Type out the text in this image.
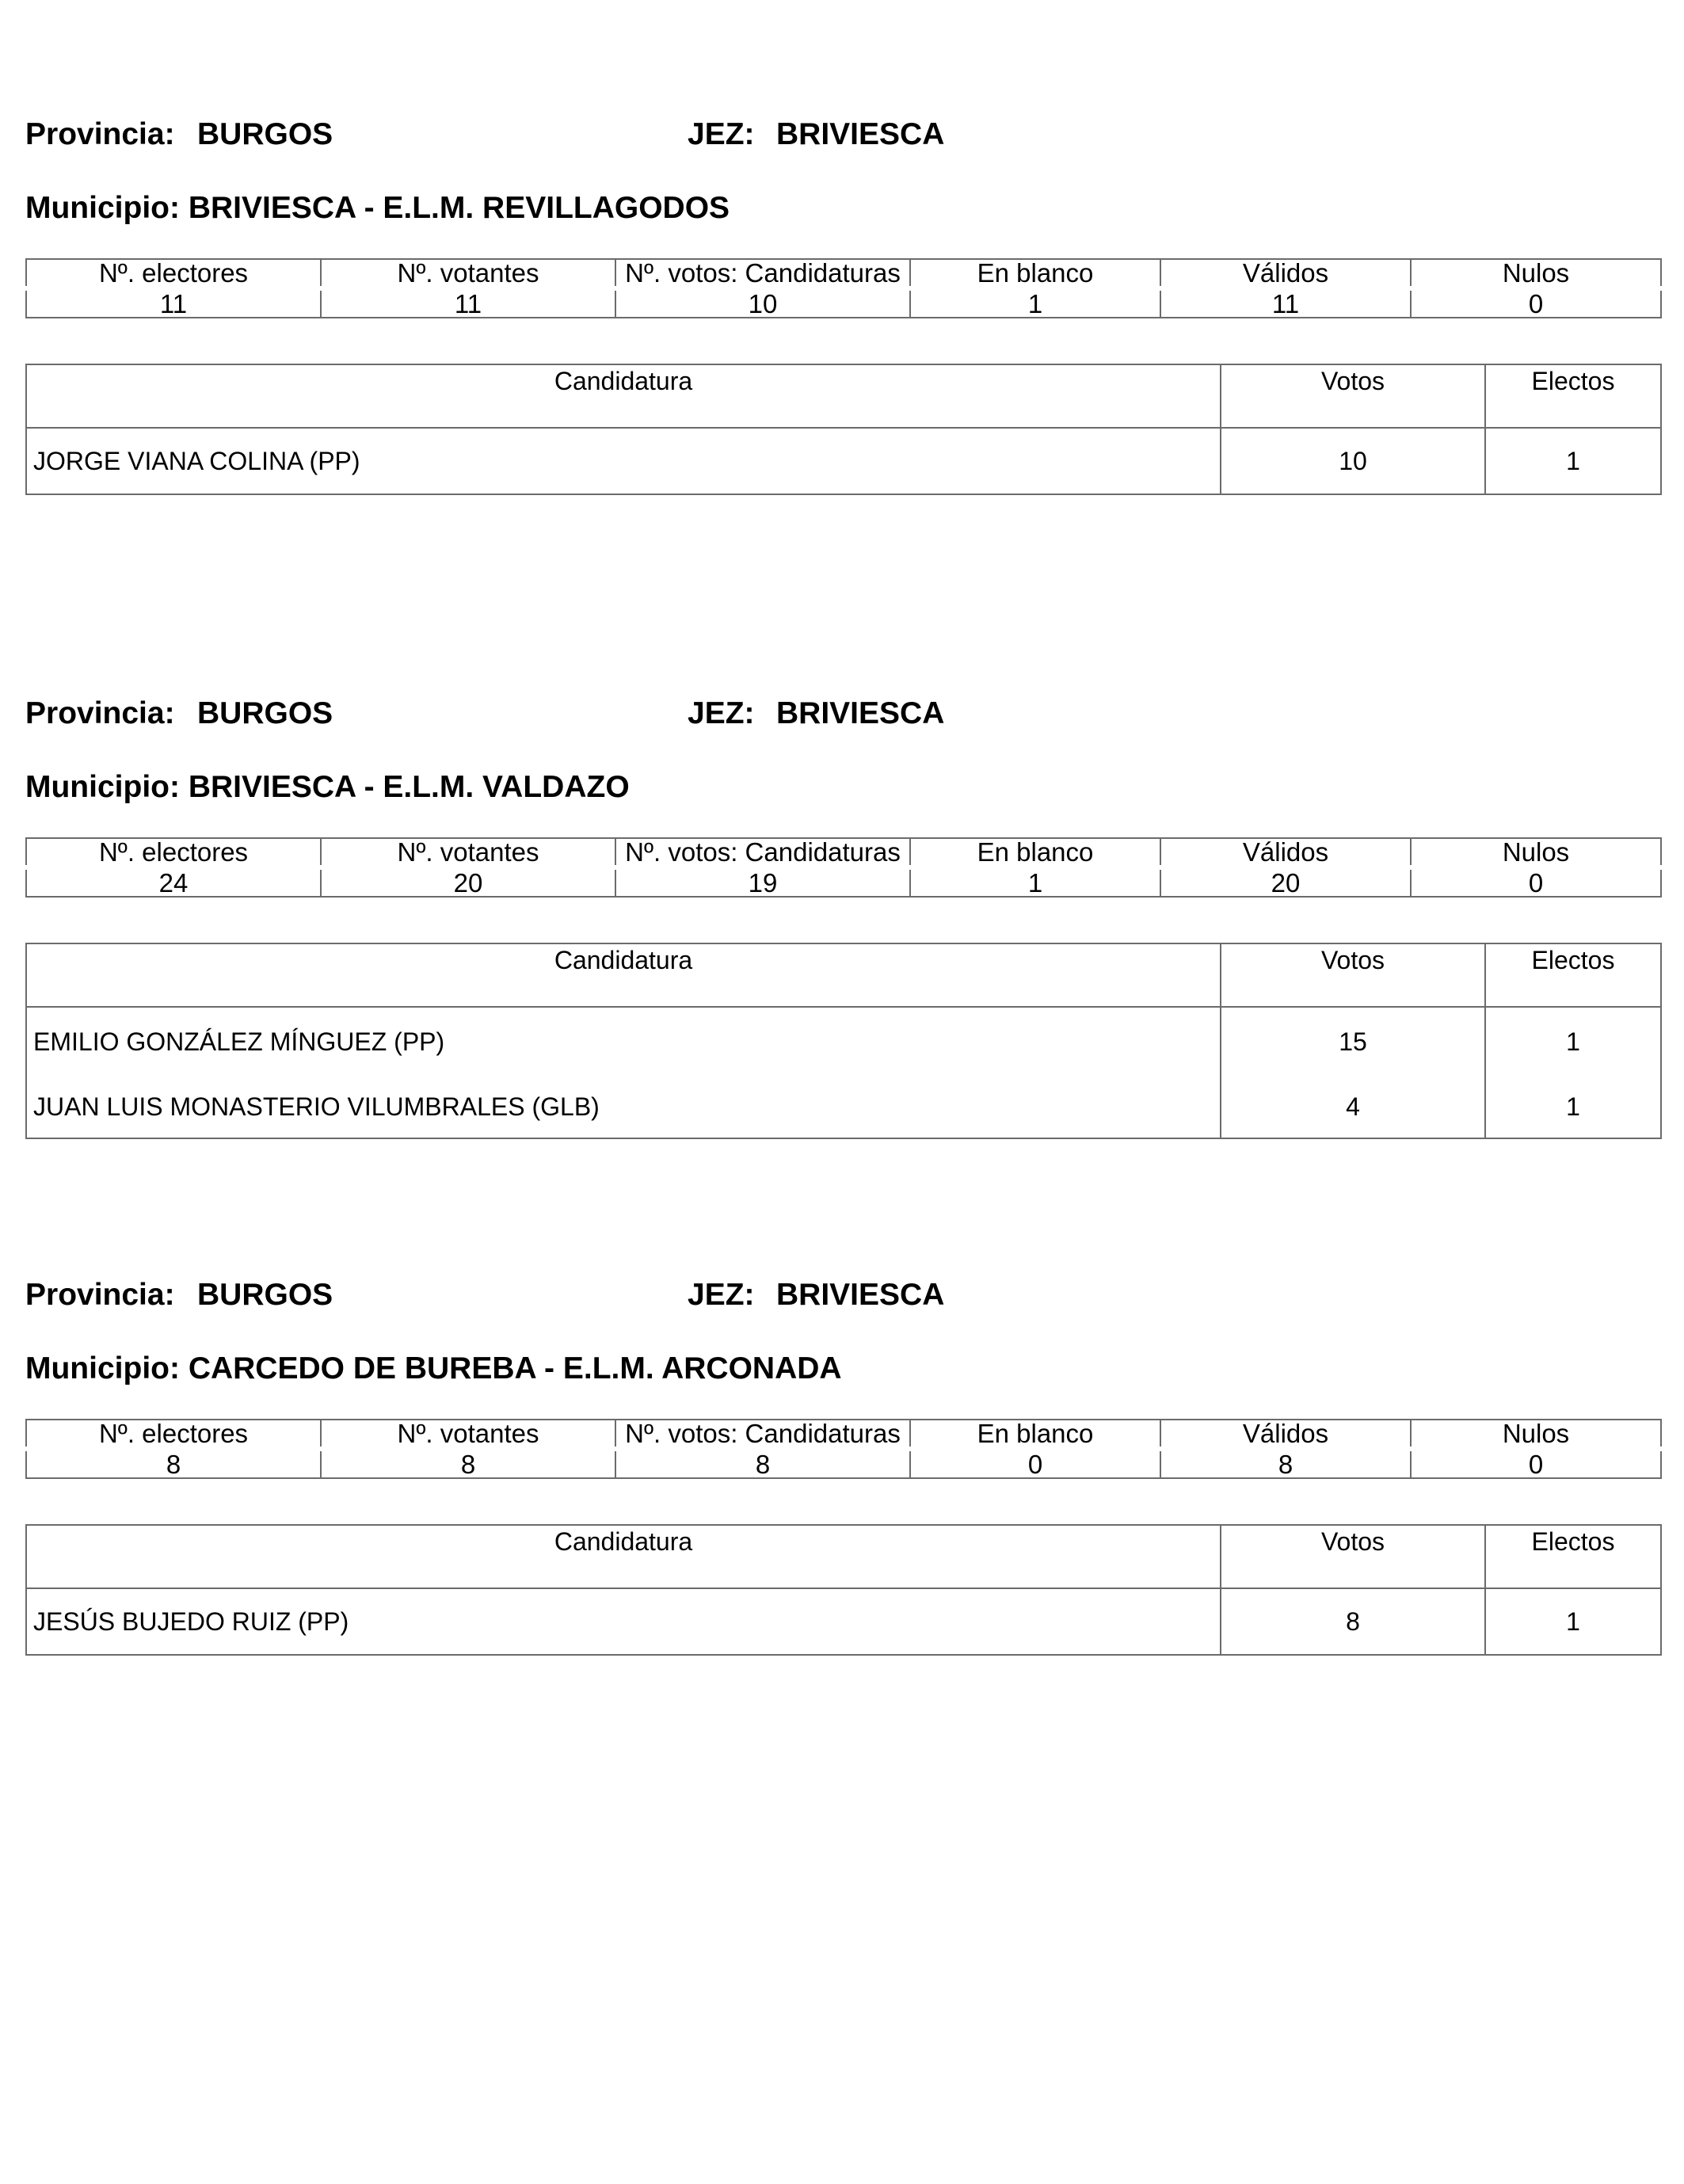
Provincia: BURGOS	JEZ: BRIVIESCA
Municipio: BRIVIESCA - E.L.M. REVILLAGODOS
Nº. electores	Nº. votantes	Nº. votos: Candidaturas	En blanco	Válidos	Nulos
11	11	10	1	11	0
Candidatura	Votos	Electos
JORGE VIANA COLINA (PP)	10	1
Provincia: BURGOS	JEZ: BRIVIESCA
Municipio: BRIVIESCA - E.L.M. VALDAZO
Nº. electores	Nº. votantes	Nº. votos: Candidaturas	En blanco	Válidos	Nulos
24	20	19	1	20	0
Candidatura	Votos	Electos
EMILIO GONZÁLEZ MÍNGUEZ (PP)	15	1
JUAN LUIS MONASTERIO VILUMBRALES (GLB)	4	1
Provincia: BURGOS	JEZ: BRIVIESCA
Municipio: CARCEDO DE BUREBA - E.L.M. ARCONADA
Nº. electores	Nº. votantes	Nº. votos: Candidaturas	En blanco	Válidos	Nulos
8	8	8	0	8	0
Candidatura	Votos	Electos
JESÚS BUJEDO RUIZ (PP)	8	1
